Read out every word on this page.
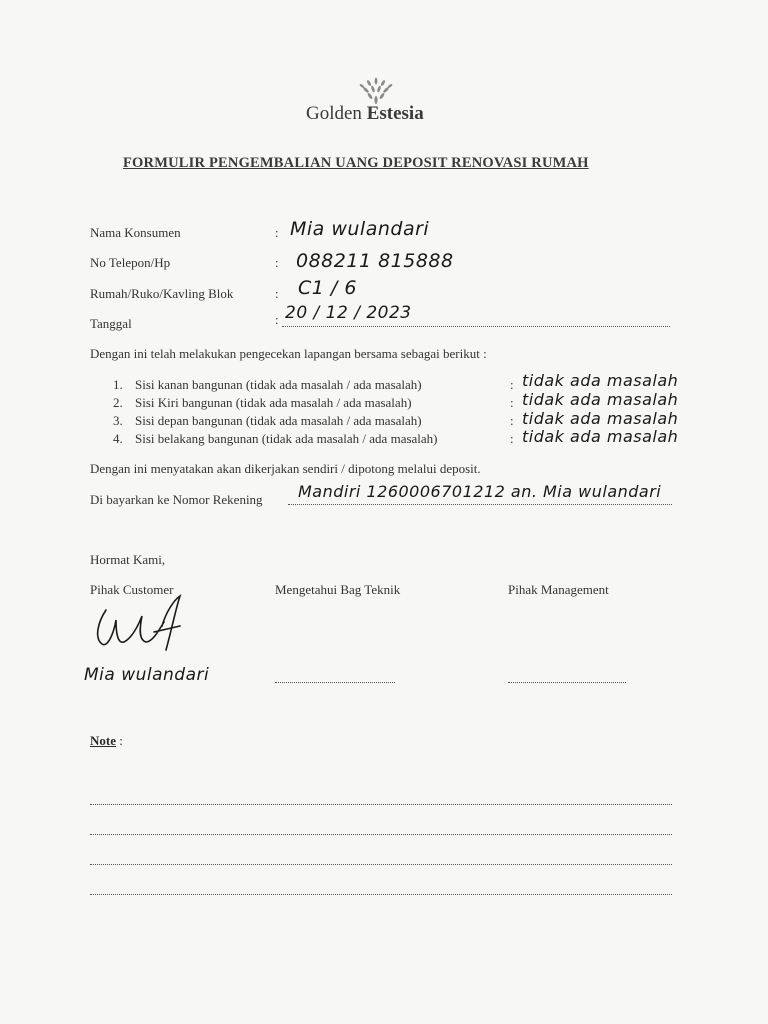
Golden Estesia
FORMULIR PENGEMBALIAN UANG DEPOSIT RENOVASI RUMAH
Nama Konsumen	: Mia wulandari
No Telepon/Hp	: 088211 815888
Rumah/Ruko/Kavling Blok	: C1 / 6
Tanggal	: 20 / 12 / 2023
Dengan ini telah melakukan pengecekan lapangan bersama sebagai berikut :
1. Sisi kanan bangunan (tidak ada masalah / ada masalah)	: tidak ada masalah
2. Sisi Kiri bangunan (tidak ada masalah / ada masalah)	: tidak ada masalah
3. Sisi depan bangunan (tidak ada masalah / ada masalah)	: tidak ada masalah
4. Sisi belakang bangunan (tidak ada masalah / ada masalah)	: tidak ada masalah
Dengan ini menyatakan akan dikerjakan sendiri / dipotong melalui deposit.
Di bayarkan ke Nomor Rekening Mandiri 1260006701212 an. Mia wulandari
Hormat Kami,
Pihak Customer	Mengetahui Bag Teknik	Pihak Management
Mia wulandari
Note :
